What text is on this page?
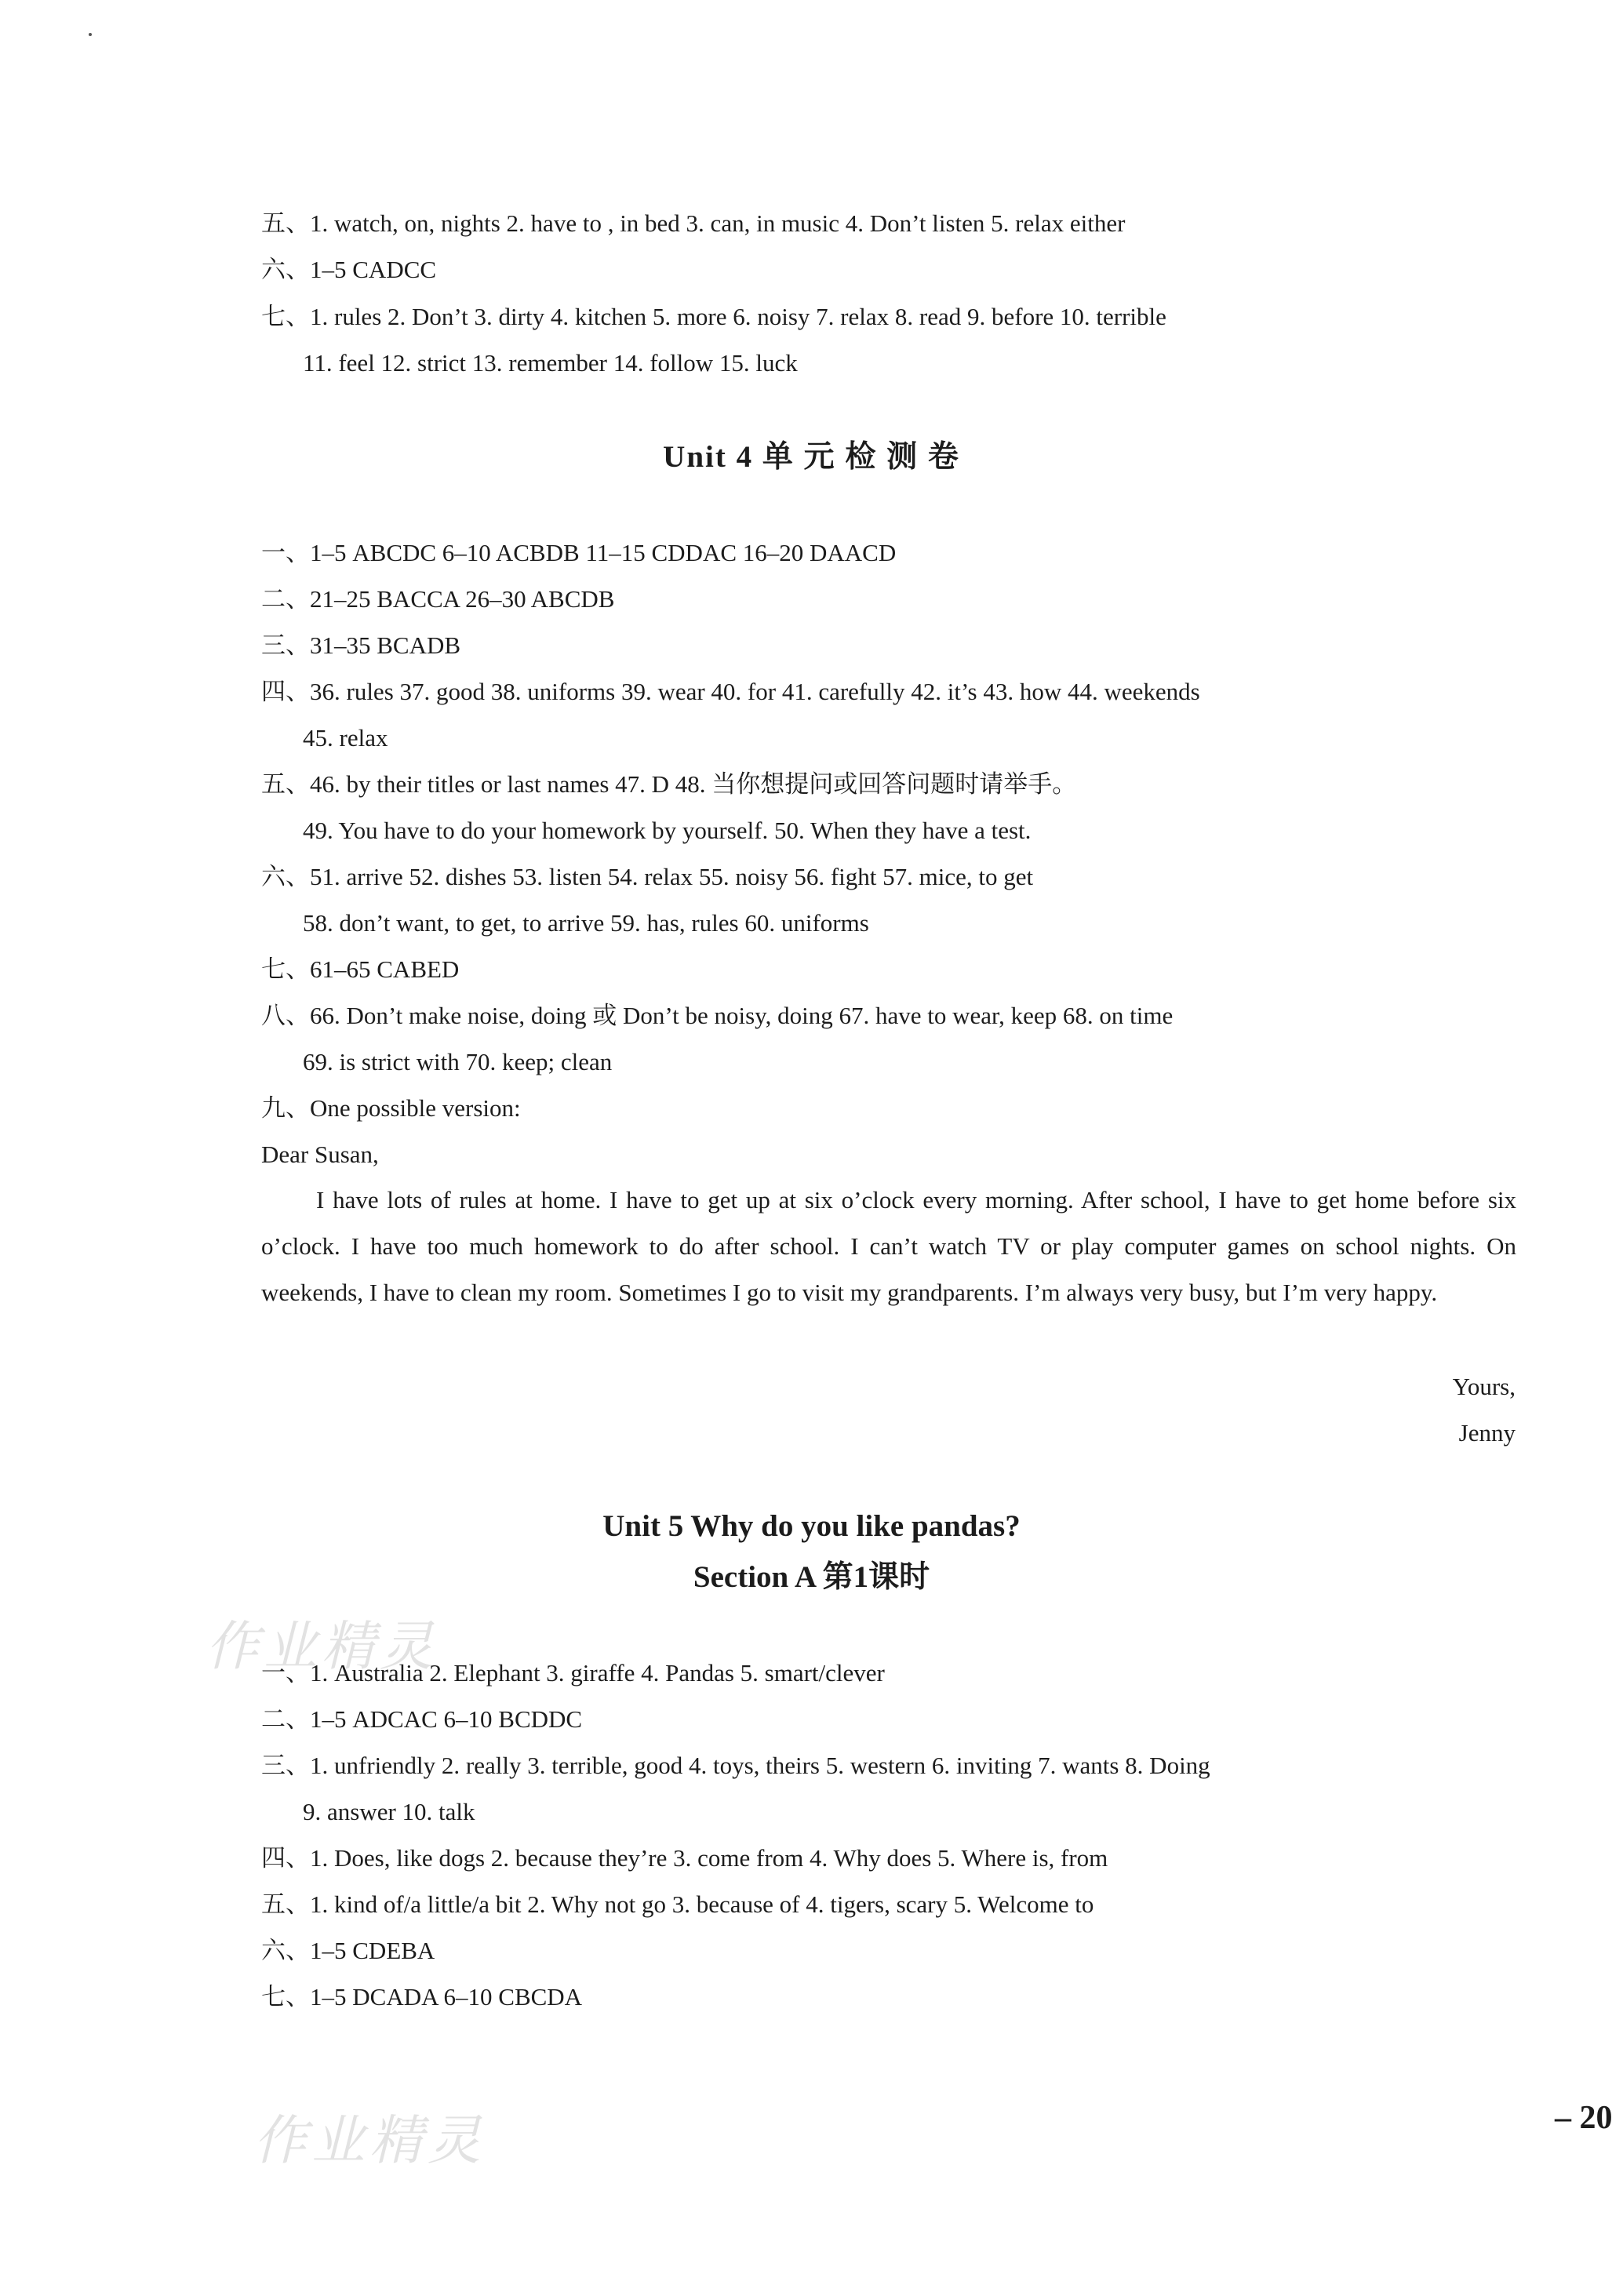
五、1. watch, on, nights 2. have to , in bed 3. can, in music 4. Don’t listen 5. relax either
六、1–5 CADCC
七、1. rules 2. Don’t 3. dirty 4. kitchen 5. more 6. noisy 7. relax 8. read 9. before 10. terrible
11. feel 12. strict 13. remember 14. follow 15. luck
Unit 4 单 元 检 测 卷
一、1–5 ABCDC 6–10 ACBDB 11–15 CDDAC 16–20 DAACD
二、21–25 BACCA 26–30 ABCDB
三、31–35 BCADB
四、36. rules 37. good 38. uniforms 39. wear 40. for 41. carefully 42. it’s 43. how 44. weekends
45. relax
五、46. by their titles or last names 47. D 48. 当你想提问或回答问题时请举手。
49. You have to do your homework by yourself. 50. When they have a test.
六、51. arrive 52. dishes 53. listen 54. relax 55. noisy 56. fight 57. mice, to get
58. don’t want, to get, to arrive 59. has, rules 60. uniforms
七、61–65 CABED
八、66. Don’t make noise, doing 或 Don’t be noisy, doing 67. have to wear, keep 68. on time
69. is strict with 70. keep; clean
九、One possible version:
Dear Susan,
I have lots of rules at home. I have to get up at six o’clock every morning. After school, I have to get home before six o’clock. I have too much homework to do after school. I can’t watch TV or play computer games on school nights. On weekends, I have to clean my room. Sometimes I go to visit my grandparents. I’m always very busy, but I’m very happy.
Yours,
Jenny
Unit 5 Why do you like pandas?
Section A 第1课时
一、1. Australia 2. Elephant 3. giraffe 4. Pandas 5. smart/clever
二、1–5 ADCAC 6–10 BCDDC
三、1. unfriendly 2. really 3. terrible, good 4. toys, theirs 5. western 6. inviting 7. wants 8. Doing
9. answer 10. talk
四、1. Does, like dogs 2. because they’re 3. come from 4. Why does 5. Where is, from
五、1. kind of/a little/a bit 2. Why not go 3. because of 4. tigers, scary 5. Welcome to
六、1–5 CDEBA
七、1–5 DCADA 6–10 CBCDA
– 20
作业精灵
作业精灵
